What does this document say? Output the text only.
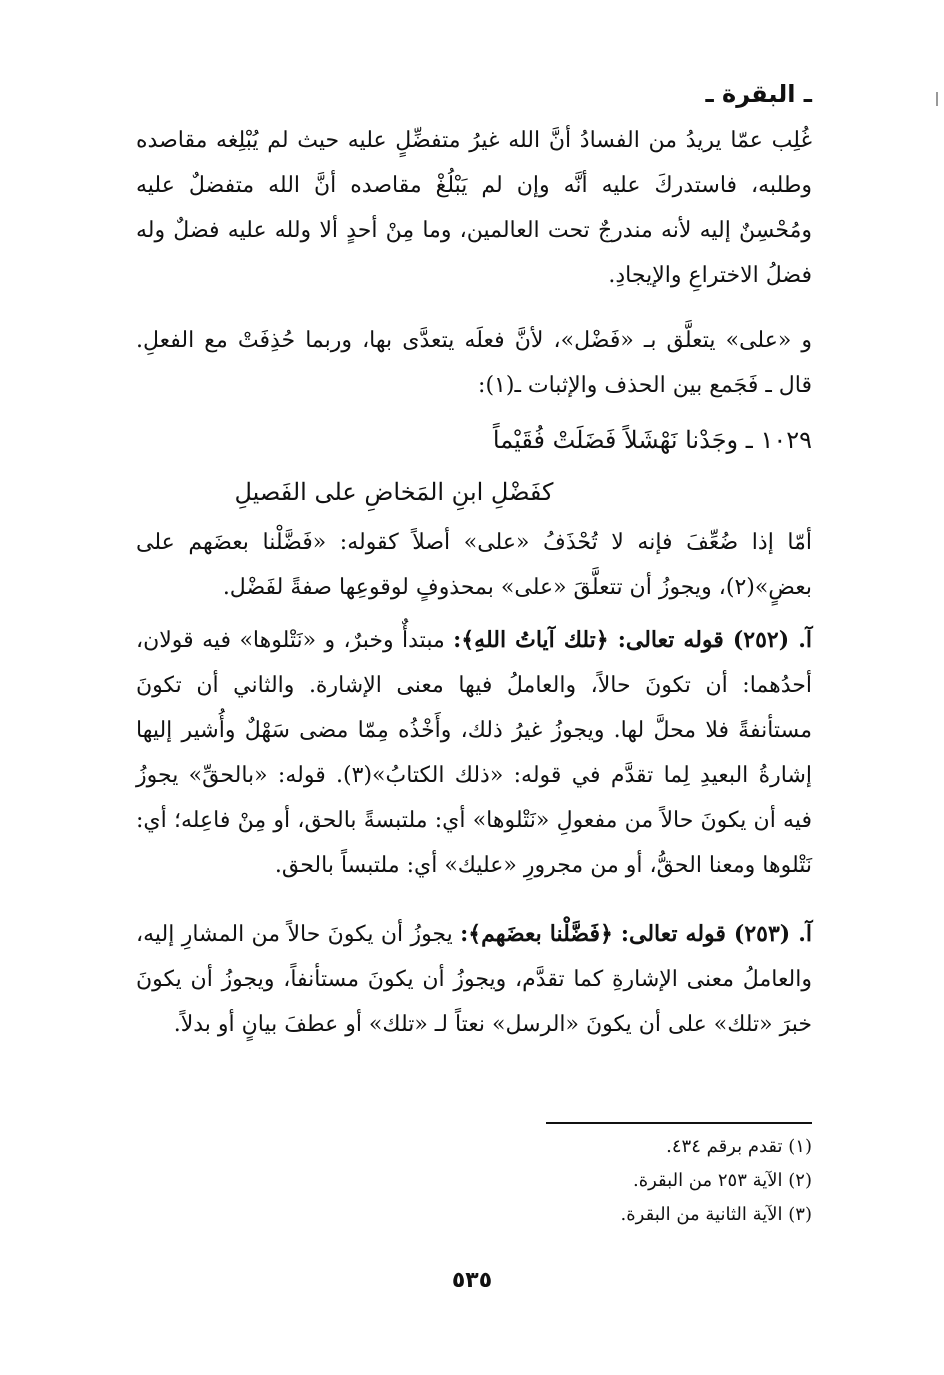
ـ البقرة ـ

غُلِب عمّا يريدُ من الفسادُ أنَّ الله غيرُ متفضِّلٍ عليه حيث لم يُبْلِغه مقاصده وطلبه، فاستدركَ عليه أنَّه وإن لم يَبْلُغْ مقاصده أنَّ الله متفضلٌ عليه ومُحْسِنٌ إليه لأنه مندرجٌ تحت العالمين، وما مِنْ أحدٍ ألا ولله عليه فضلٌ وله فضلُ الاختراعِ والإيجادِ.

و «على» يتعلَّق بـ «فَضْل»، لأنَّ فعلَه يتعدَّى بها، وربما حُذِفَتْ مع الفعلِ. قال ـ فَجَمع بين الحذف والإثبات ـ(١):

١٠٢٩ ـ وجَدْنا نَهْشَلاً فَضَلَتْ فُقَيْماً

كفَضْلِ ابنِ المَخاضِ على الفَصيلِ

أمّا إذا ضُعِّفَ فإنه لا تُحْذَفُ «على» أصلاً كقوله: «فَضَّلْنا بعضَهم على بعضٍ»(٢)، ويجوزُ أن تتعلَّقَ «على» بمحذوفٍ لوقوعِها صفةً لفَضْل.

آ. (٢٥٢) قوله تعالى: ﴿تلك آياتُ اللهِ﴾: مبتدأٌ وخبرٌ، و «نَتْلوها» فيه قولان، أحدُهما: أن تكونَ حالاً، والعاملُ فيها معنى الإشارة. والثاني أن تكونَ مستأنفةً فلا محلَّ لها. ويجوزُ غيرُ ذلك، وأَخْذُه مِمّا مضى سَهْلٌ وأُشير إليها إشارةُ البعيدِ لِما تقدَّم في قوله: «ذلك الكتابُ»(٣). قوله: «بالحقِّ» يجوزُ فيه أن يكونَ حالاً من مفعولِ «نَتْلوها» أي: ملتبسةً بالحق، أو مِنْ فاعِله؛ أي: نَتْلوها ومعنا الحقُّ، أو من مجرورِ «عليك» أي: ملتبساً بالحق.

آ. (٢٥٣) قوله تعالى: ﴿فَضَّلْنا بعضَهم﴾: يجوزُ أن يكونَ حالاً من المشارِ إليه، والعاملُ معنى الإشارةِ كما تقدَّم، ويجوزُ أن يكونَ مستأنفاً، ويجوزُ أن يكونَ خبرَ «تلك» على أن يكونَ «الرسل» نعتاً لـ «تلك» أو عطفَ بيانٍ أو بدلاً.

(١) تقدم برقم ٤٣٤.

(٢) الآية ٢٥٣ من البقرة.

(٣) الآية الثانية من البقرة.

٥٣٥
